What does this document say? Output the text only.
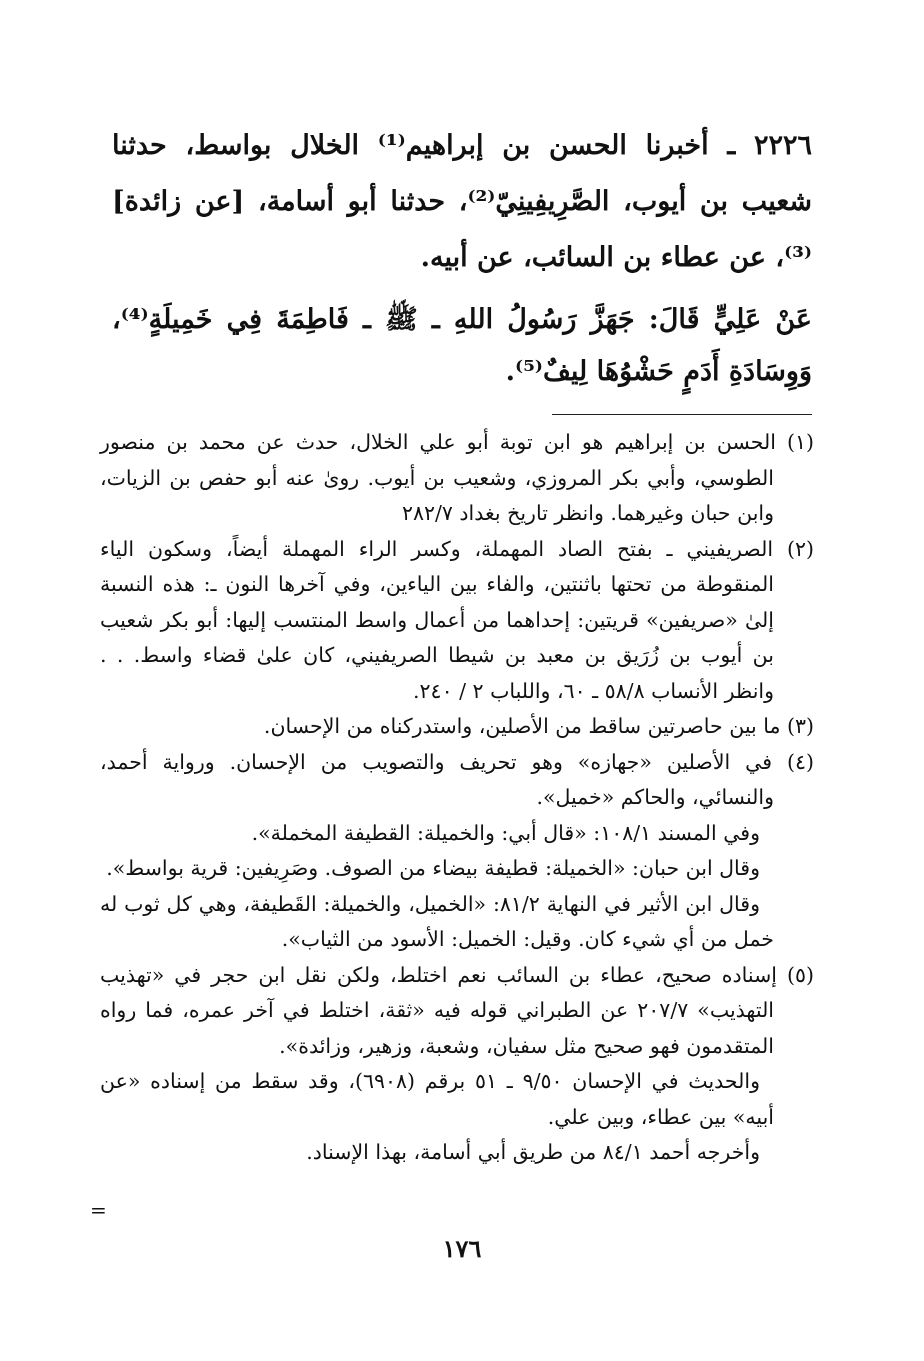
٢٢٢٦ ـ أخبرنا الحسن بن إبراهيم⁽¹⁾ الخلال بواسط، حدثنا شعيب بن أيوب، الصَّرِيفِينِيّ⁽²⁾، حدثنا أبو أسامة، [عن زائدة]⁽³⁾، عن عطاء بن السائب، عن أبيه.

عَنْ عَلِيٍّ قَالَ: جَهَزَّ رَسُولُ اللهِ ـ ﷺ ـ فَاطِمَةَ فِي خَمِيلَةٍ⁽⁴⁾، وَوِسَادَةِ أَدَمٍ حَشْوُهَا لِيفٌ⁽⁵⁾.

(١) الحسن بن إبراهيم هو ابن توبة أبو علي الخلال، حدث عن محمد بن منصور الطوسي، وأبي بكر المروزي، وشعيب بن أيوب. روىٰ عنه أبو حفص بن الزيات، وابن حبان وغيرهما. وانظر تاريخ بغداد ٢٨٢/٧

(٢) الصريفيني ـ بفتح الصاد المهملة، وكسر الراء المهملة أيضاً، وسكون الياء المنقوطة من تحتها باثنتين، والفاء بين الياءين، وفي آخرها النون ـ: هذه النسبة إلىٰ «صريفين» قريتين: إحداهما من أعمال واسط المنتسب إليها: أبو بكر شعيب بن أيوب بن زُرَيق بن معبد بن شيطا الصريفيني، كان علىٰ قضاء واسط. . . وانظر الأنساب ٥٨/٨ ـ ٦٠، واللباب ٢ / ٢٤٠.

(٣) ما بين حاصرتين ساقط من الأصلين، واستدركناه من الإحسان.

(٤) في الأصلين «جهازه» وهو تحريف والتصويب من الإحسان. ورواية أحمد، والنسائي، والحاكم «خميل».

وفي المسند ١٠٨/١: «قال أبي: والخميلة: القطيفة المخملة».

وقال ابن حبان: «الخميلة: قطيفة بيضاء من الصوف. وصَرِيفين: قرية بواسط».

وقال ابن الأثير في النهاية ٨١/٢: «الخميل، والخميلة: القَطيفة، وهي كل ثوب له خمل من أي شيء كان. وقيل: الخميل: الأسود من الثياب».

(٥) إسناده صحيح، عطاء بن السائب نعم اختلط، ولكن نقل ابن حجر في «تهذيب التهذيب» ٢٠٧/٧ عن الطبراني قوله فيه «ثقة، اختلط في آخر عمره، فما رواه المتقدمون فهو صحيح مثل سفيان، وشعبة، وزهير، وزائدة».

والحديث في الإحسان ٩/٥٠ ـ ٥١ برقم (٦٩٠٨)، وقد سقط من إسناده «عن أبيه» بين عطاء، وبين علي.

وأخرجه أحمد ٨٤/١ من طريق أبي أسامة، بهذا الإسناد.

=
١٧٦
